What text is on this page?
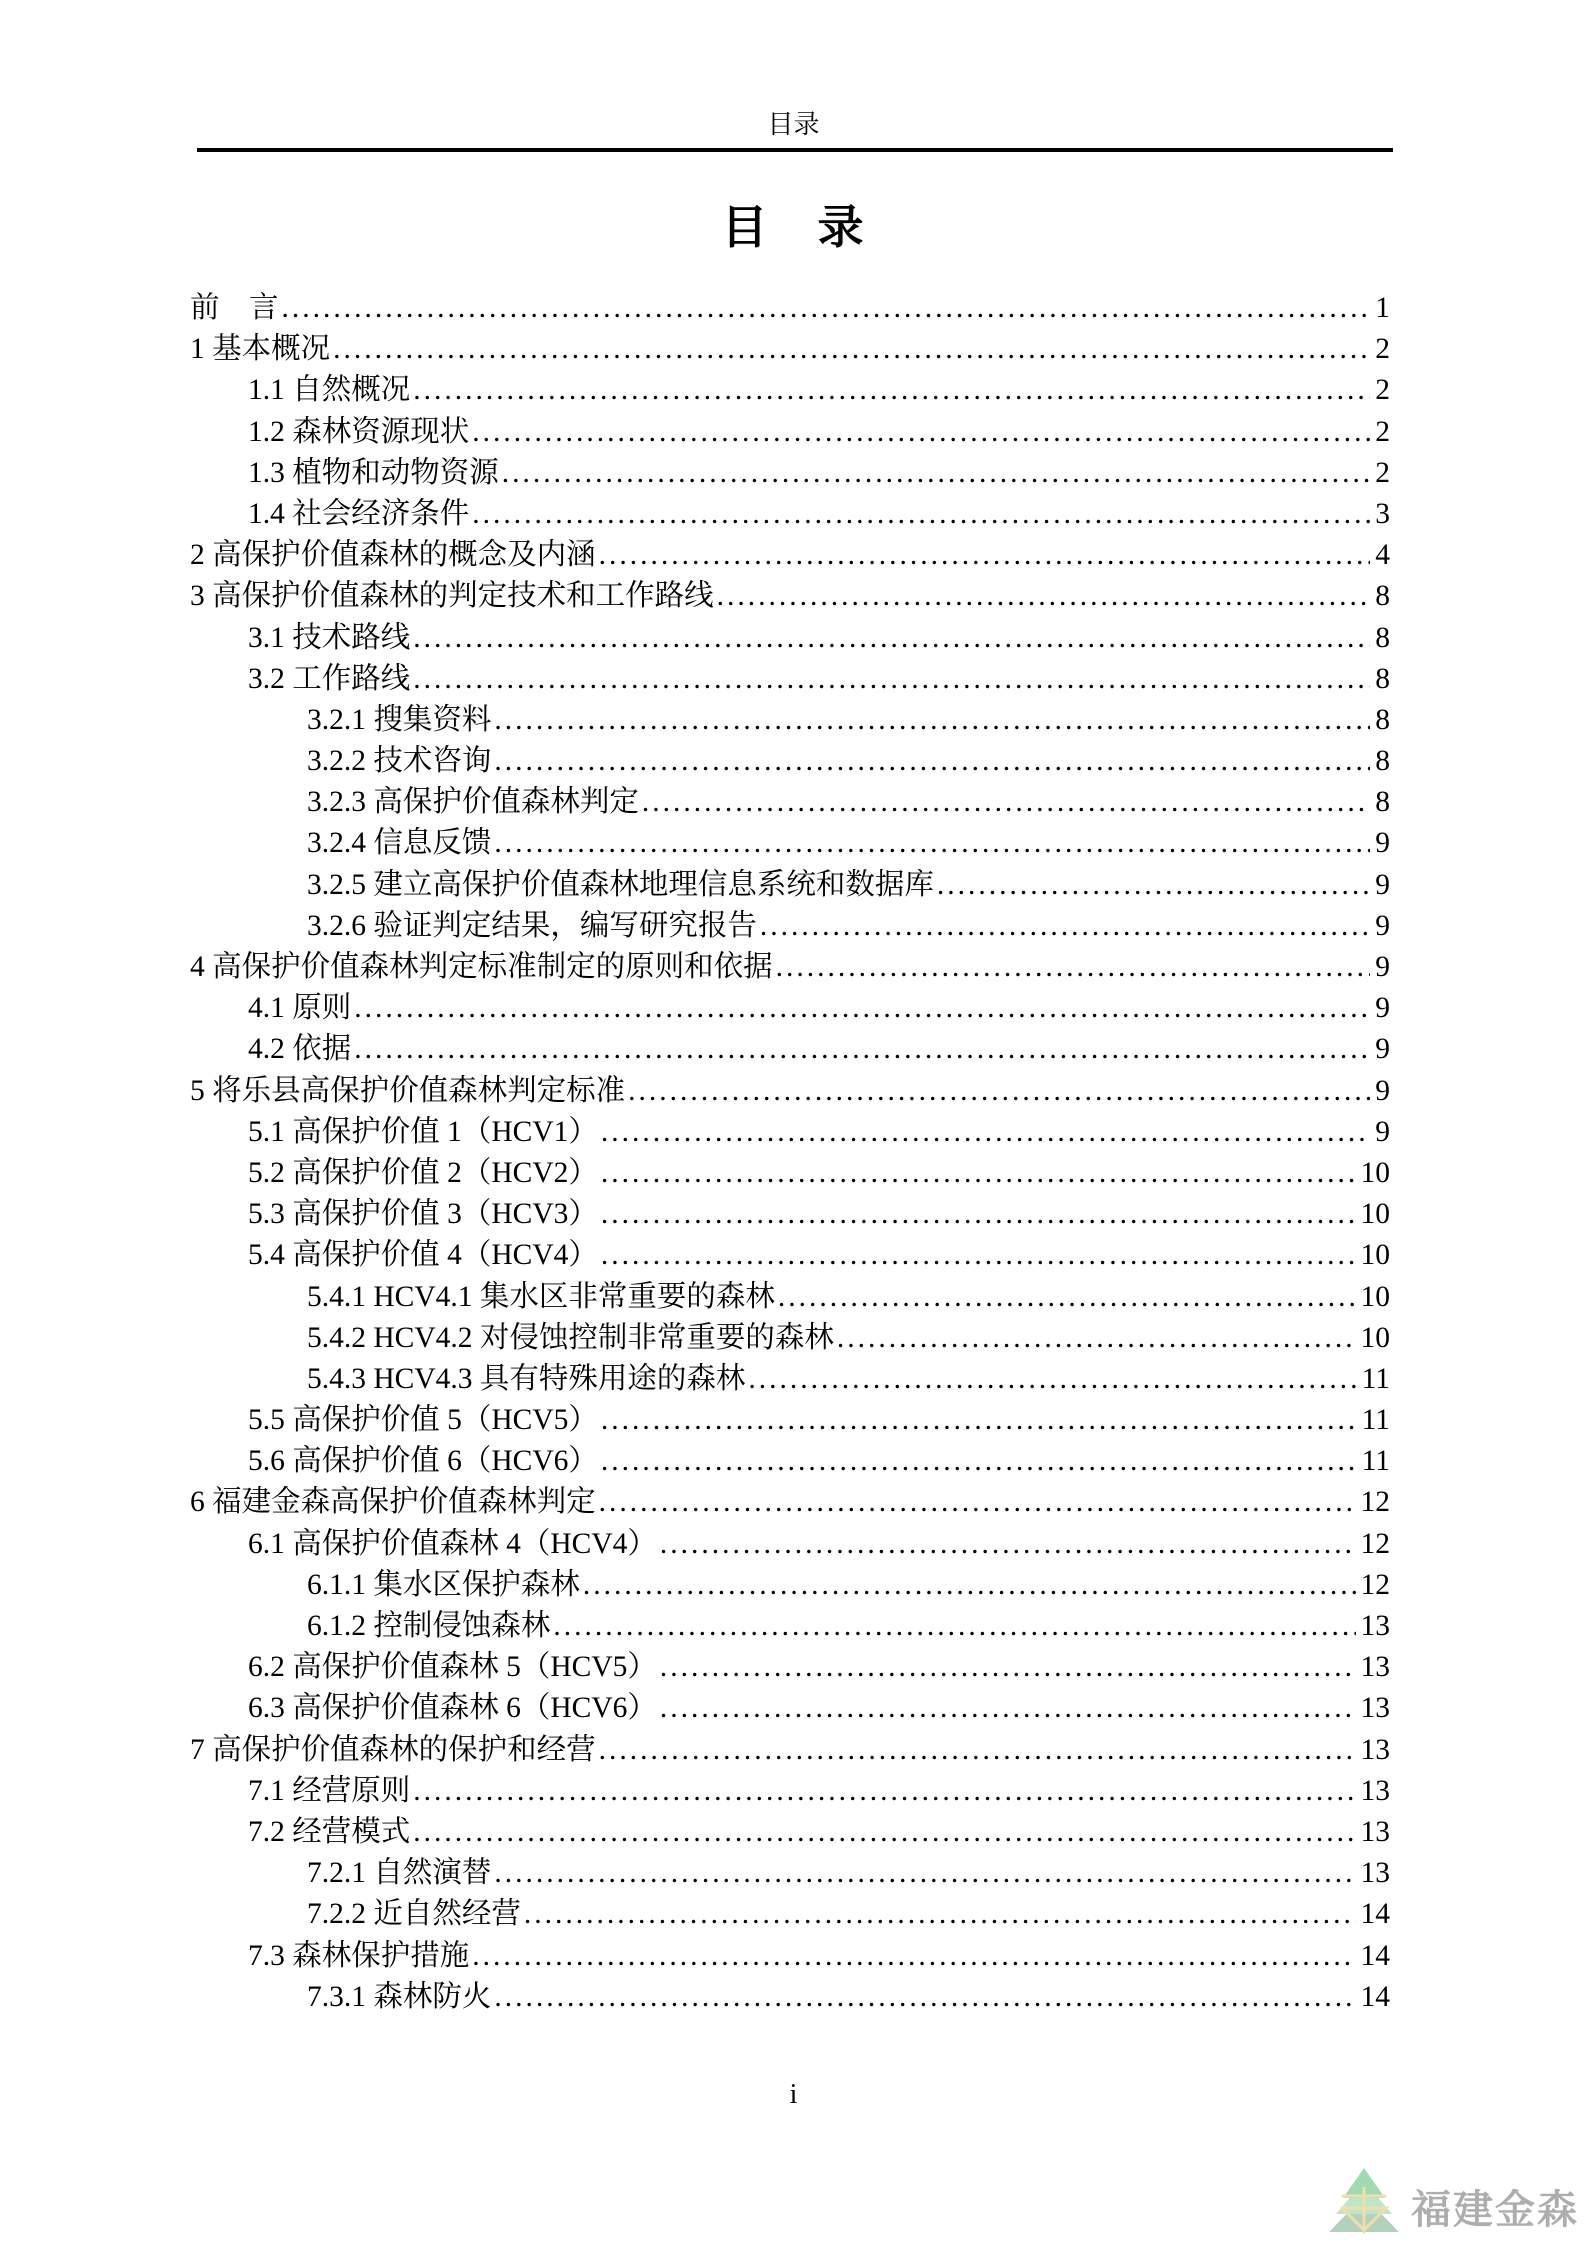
目录
目　录
前　言 .....	1
1 基本概况 .....	2
1.1 自然概况 .....	2
1.2 森林资源现状 .....	2
1.3 植物和动物资源 .....	2
1.4 社会经济条件 .....	3
2 高保护价值森林的概念及内涵 .....	4
3 高保护价值森林的判定技术和工作路线 .....	8
3.1 技术路线 .....	8
3.2 工作路线 .....	8
3.2.1 搜集资料 .....	8
3.2.2 技术咨询 .....	8
3.2.3 高保护价值森林判定 .....	8
3.2.4 信息反馈 .....	9
3.2.5 建立高保护价值森林地理信息系统和数据库 .....	9
3.2.6 验证判定结果，编写研究报告 .....	9
4 高保护价值森林判定标准制定的原则和依据 .....	9
4.1 原则 .....	9
4.2 依据 .....	9
5 将乐县高保护价值森林判定标准 .....	9
5.1 高保护价值 1（HCV1） .....	9
5.2 高保护价值 2（HCV2） .....	10
5.3 高保护价值 3（HCV3） .....	10
5.4 高保护价值 4（HCV4） .....	10
5.4.1 HCV4.1 集水区非常重要的森林 .....	10
5.4.2 HCV4.2 对侵蚀控制非常重要的森林 .....	10
5.4.3 HCV4.3 具有特殊用途的森林 .....	11
5.5 高保护价值 5（HCV5） .....	11
5.6 高保护价值 6（HCV6） .....	11
6 福建金森高保护价值森林判定 .....	12
6.1 高保护价值森林 4（HCV4） .....	12
6.1.1 集水区保护森林 .....	12
6.1.2 控制侵蚀森林 .....	13
6.2 高保护价值森林 5（HCV5） .....	13
6.3 高保护价值森林 6（HCV6） .....	13
7 高保护价值森林的保护和经营 .....	13
7.1 经营原则 .....	13
7.2 经营模式 .....	13
7.2.1 自然演替 .....	13
7.2.2 近自然经营 .....	14
7.3 森林保护措施 .....	14
7.3.1 森林防火 .....	14
i
福建金森
